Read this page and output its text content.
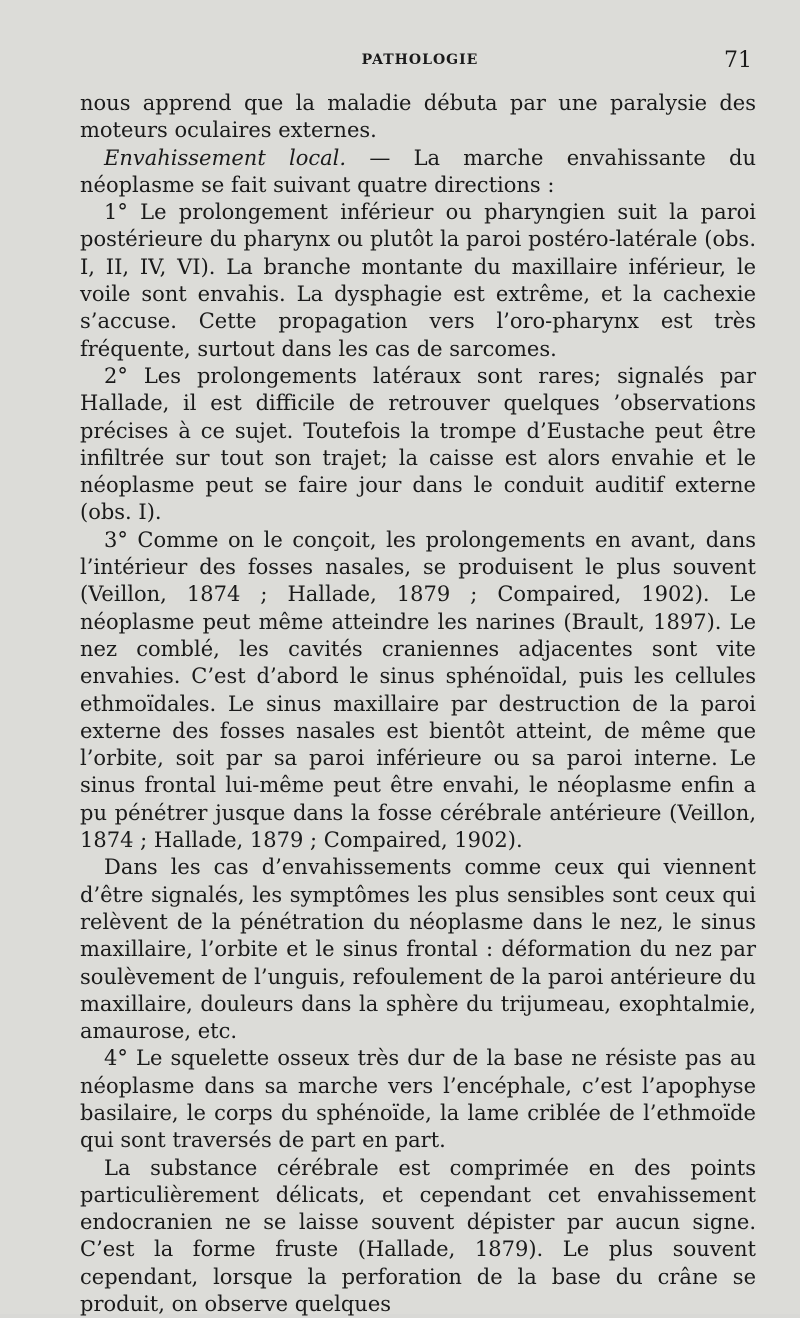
PATHOLOGIE	71

nous apprend que la maladie débuta par une paralysie des moteurs oculaires externes.

Envahissement local. — La marche envahissante du néoplasme se fait suivant quatre directions :

1° Le prolongement inférieur ou pharyngien suit la paroi postérieure du pharynx ou plutôt la paroi postéro-latérale (obs. I, II, IV, VI). La branche montante du maxillaire inférieur, le voile sont envahis. La dysphagie est extrême, et la cachexie s’accuse. Cette propagation vers l’oro-pharynx est très fréquente, surtout dans les cas de sarcomes.

2° Les prolongements latéraux sont rares; signalés par Hallade, il est difficile de retrouver quelques ’observations précises à ce sujet. Toutefois la trompe d’Eustache peut être infiltrée sur tout son trajet; la caisse est alors envahie et le néoplasme peut se faire jour dans le conduit auditif externe (obs. I).

3° Comme on le conçoit, les prolongements en avant, dans l’intérieur des fosses nasales, se produisent le plus souvent (Veillon, 1874 ; Hallade, 1879 ; Compaired, 1902). Le néoplasme peut même atteindre les narines (Brault, 1897). Le nez comblé, les cavités craniennes adjacentes sont vite envahies. C’est d’abord le sinus sphénoïdal, puis les cellules ethmoïdales. Le sinus maxillaire par destruction de la paroi externe des fosses nasales est bientôt atteint, de même que l’orbite, soit par sa paroi inférieure ou sa paroi interne. Le sinus frontal lui-même peut être envahi, le néoplasme enfin a pu pénétrer jusque dans la fosse cérébrale antérieure (Veillon, 1874 ; Hallade, 1879 ; Compaired, 1902).

Dans les cas d’envahissements comme ceux qui viennent d’être signalés, les symptômes les plus sensibles sont ceux qui relèvent de la pénétration du néoplasme dans le nez, le sinus maxillaire, l’orbite et le sinus frontal : déformation du nez par soulèvement de l’unguis, refoulement de la paroi antérieure du maxillaire, douleurs dans la sphère du trijumeau, exophtalmie, amaurose, etc.

4° Le squelette osseux très dur de la base ne résiste pas au néoplasme dans sa marche vers l’encéphale, c’est l’apophyse basilaire, le corps du sphénoïde, la lame criblée de l’ethmoïde qui sont traversés de part en part.

La substance cérébrale est comprimée en des points particulièrement délicats, et cependant cet envahissement endocranien ne se laisse souvent dépister par aucun signe. C’est la forme fruste (Hallade, 1879). Le plus souvent cependant, lorsque la perforation de la base du crâne se produit, on observe quelques
